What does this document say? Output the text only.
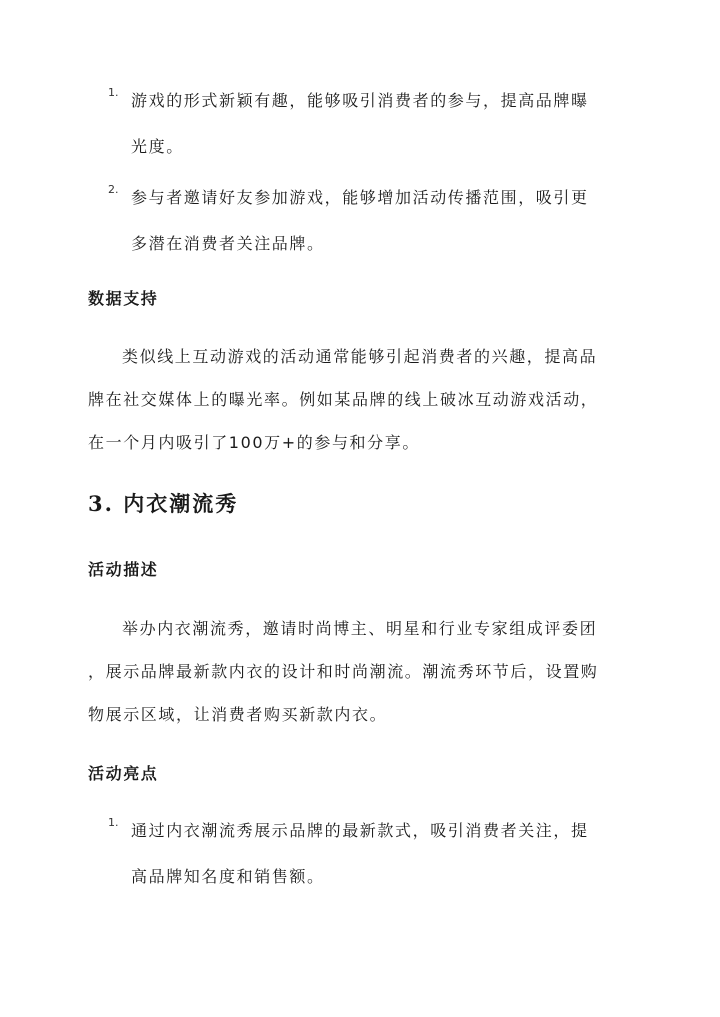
1. 游戏的形式新颖有趣，能够吸引消费者的参与，提高品牌曝
光度。
2. 参与者邀请好友参加游戏，能够增加活动传播范围，吸引更
多潜在消费者关注品牌。
数据支持
类似线上互动游戏的活动通常能够引起消费者的兴趣，提高品
牌在社交媒体上的曝光率。例如某品牌的线上破冰互动游戏活动，
在一个月内吸引了100万+的参与和分享。
3. 内衣潮流秀
活动描述
举办内衣潮流秀，邀请时尚博主、明星和行业专家组成评委团
，展示品牌最新款内衣的设计和时尚潮流。潮流秀环节后，设置购
物展示区域，让消费者购买新款内衣。
活动亮点
1. 通过内衣潮流秀展示品牌的最新款式，吸引消费者关注，提
高品牌知名度和销售额。
